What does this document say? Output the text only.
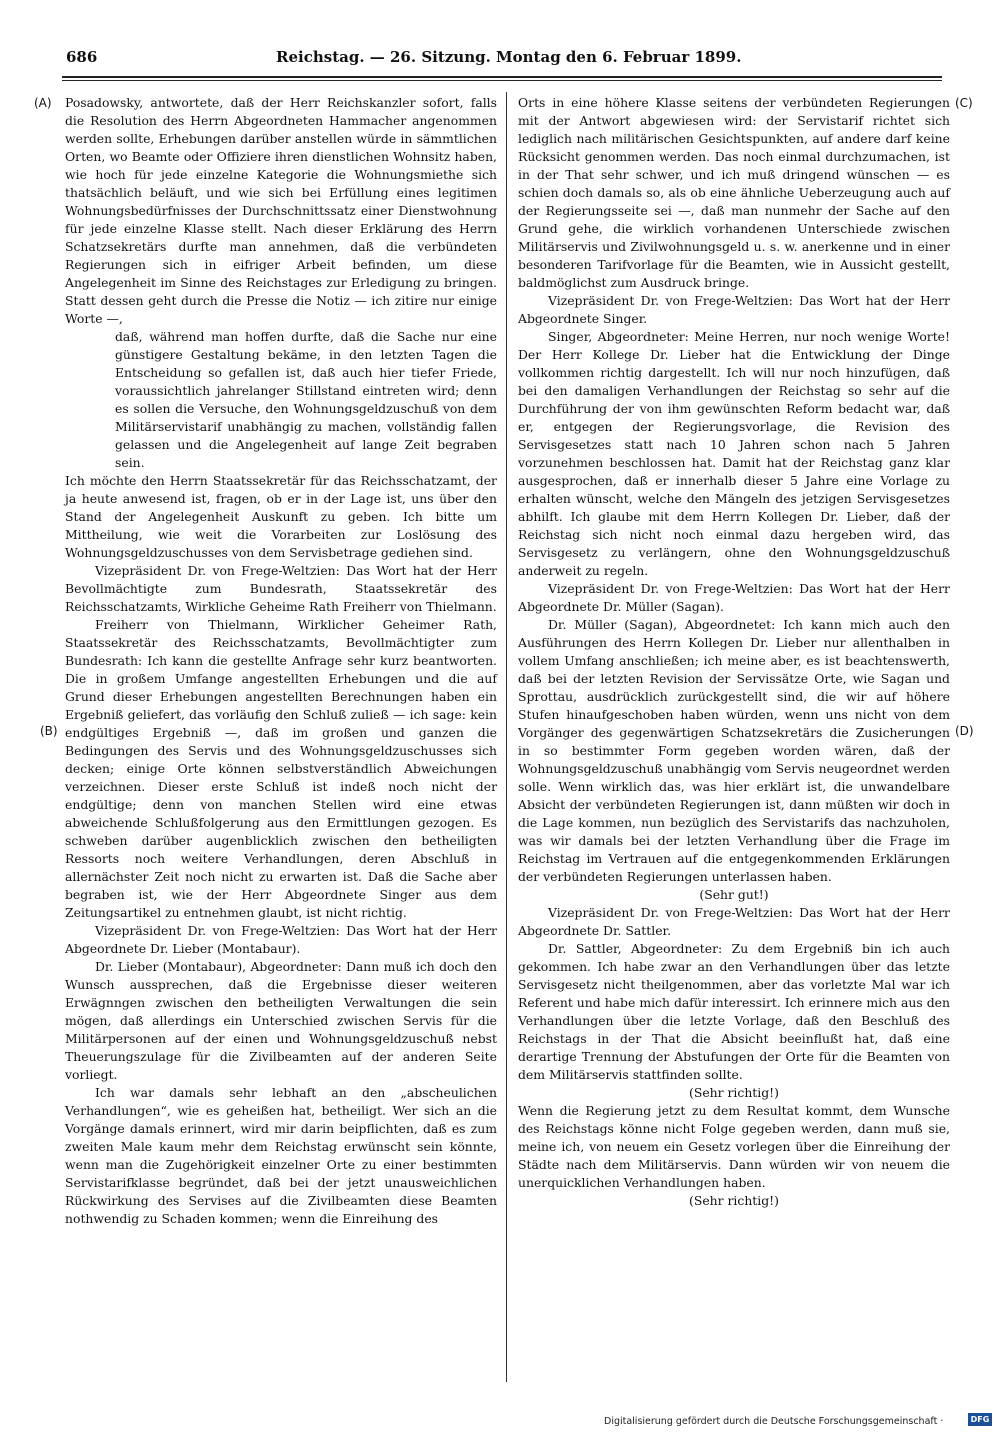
686	Reichstag. — 26. Sitzung. Montag den 6. Februar 1899.
(A)
(B)
(C)
(D)

Posadowsky, antwortete, daß der Herr Reichskanzler sofort, falls die Resolution des Herrn Abgeordneten Hammacher angenommen werden sollte, Erhebungen darüber anstellen würde in sämmtlichen Orten, wo Beamte oder Offiziere ihren dienstlichen Wohnsitz haben, wie hoch für jede einzelne Kategorie die Wohnungsmiethe sich thatsächlich beläuft, und wie sich bei Erfüllung eines legitimen Wohnungsbedürfnisses der Durchschnittssatz einer Dienstwohnung für jede einzelne Klasse stellt. Nach dieser Erklärung des Herrn Schatzsekretärs durfte man annehmen, daß die verbündeten Regierungen sich in eifriger Arbeit befinden, um diese Angelegenheit im Sinne des Reichstages zur Erledigung zu bringen. Statt dessen geht durch die Presse die Notiz — ich zitire nur einige Worte —,

daß, während man hoffen durfte, daß die Sache nur eine günstigere Gestaltung bekäme, in den letzten Tagen die Entscheidung so gefallen ist, daß auch hier tiefer Friede, voraussichtlich jahrelanger Stillstand eintreten wird; denn es sollen die Versuche, den Wohnungsgeldzuschuß von dem Militärservistarif unabhängig zu machen, vollständig fallen gelassen und die Angelegenheit auf lange Zeit begraben sein.

Ich möchte den Herrn Staatssekretär für das Reichsschatzamt, der ja heute anwesend ist, fragen, ob er in der Lage ist, uns über den Stand der Angelegenheit Auskunft zu geben. Ich bitte um Mittheilung, wie weit die Vorarbeiten zur Loslösung des Wohnungsgeldzuschusses von dem Servisbetrage gediehen sind.

Vizepräsident Dr. von Frege-Weltzien: Das Wort hat der Herr Bevollmächtigte zum Bundesrath, Staatssekretär des Reichsschatzamts, Wirkliche Geheime Rath Freiherr von Thielmann.

Freiherr von Thielmann, Wirklicher Geheimer Rath, Staatssekretär des Reichsschatzamts, Bevollmächtigter zum Bundesrath: Ich kann die gestellte Anfrage sehr kurz beantworten. Die in großem Umfange angestellten Erhebungen und die auf Grund dieser Erhebungen angestellten Berechnungen haben ein Ergebniß geliefert, das vorläufig den Schluß zuließ — ich sage: kein endgültiges Ergebniß —, daß im großen und ganzen die Bedingungen des Servis und des Wohnungsgeldzuschusses sich decken; einige Orte können selbstverständlich Abweichungen verzeichnen. Dieser erste Schluß ist indeß noch nicht der endgültige; denn von manchen Stellen wird eine etwas abweichende Schlußfolgerung aus den Ermittlungen gezogen. Es schweben darüber augenblicklich zwischen den betheiligten Ressorts noch weitere Verhandlungen, deren Abschluß in allernächster Zeit noch nicht zu erwarten ist. Daß die Sache aber begraben ist, wie der Herr Abgeordnete Singer aus dem Zeitungsartikel zu entnehmen glaubt, ist nicht richtig.

Vizepräsident Dr. von Frege-Weltzien: Das Wort hat der Herr Abgeordnete Dr. Lieber (Montabaur).

Dr. Lieber (Montabaur), Abgeordneter: Dann muß ich doch den Wunsch aussprechen, daß die Ergebnisse dieser weiteren Erwägnngen zwischen den betheiligten Verwaltungen die sein mögen, daß allerdings ein Unterschied zwischen Servis für die Militärpersonen auf der einen und Wohnungsgeldzuschuß nebst Theuerungszulage für die Zivilbeamten auf der anderen Seite vorliegt.

Ich war damals sehr lebhaft an den „abscheulichen Verhandlungen“, wie es geheißen hat, betheiligt. Wer sich an die Vorgänge damals erinnert, wird mir darin beipflichten, daß es zum zweiten Male kaum mehr dem Reichstag erwünscht sein könnte, wenn man die Zugehörigkeit einzelner Orte zu einer bestimmten Servistarifklasse begründet, daß bei der jetzt unausweichlichen Rückwirkung des Servises auf die Zivilbeamten diese Beamten nothwendig zu Schaden kommen; wenn die Einreihung des

Orts in eine höhere Klasse seitens der verbündeten Regierungen mit der Antwort abgewiesen wird: der Servistarif richtet sich lediglich nach militärischen Gesichtspunkten, auf andere darf keine Rücksicht genommen werden. Das noch einmal durchzumachen, ist in der That sehr schwer, und ich muß dringend wünschen — es schien doch damals so, als ob eine ähnliche Ueberzeugung auch auf der Regierungsseite sei —, daß man nunmehr der Sache auf den Grund gehe, die wirklich vorhandenen Unterschiede zwischen Militärservis und Zivilwohnungsgeld u. s. w. anerkenne und in einer besonderen Tarifvorlage für die Beamten, wie in Aussicht gestellt, baldmöglichst zum Ausdruck bringe.

Vizepräsident Dr. von Frege-Weltzien: Das Wort hat der Herr Abgeordnete Singer.

Singer, Abgeordneter: Meine Herren, nur noch wenige Worte! Der Herr Kollege Dr. Lieber hat die Entwicklung der Dinge vollkommen richtig dargestellt. Ich will nur noch hinzufügen, daß bei den damaligen Verhandlungen der Reichstag so sehr auf die Durchführung der von ihm gewünschten Reform bedacht war, daß er, entgegen der Regierungsvorlage, die Revision des Servisgesetzes statt nach 10 Jahren schon nach 5 Jahren vorzunehmen beschlossen hat. Damit hat der Reichstag ganz klar ausgesprochen, daß er innerhalb dieser 5 Jahre eine Vorlage zu erhalten wünscht, welche den Mängeln des jetzigen Servisgesetzes abhilft. Ich glaube mit dem Herrn Kollegen Dr. Lieber, daß der Reichstag sich nicht noch einmal dazu hergeben wird, das Servisgesetz zu verlängern, ohne den Wohnungsgeldzuschuß anderweit zu regeln.

Vizepräsident Dr. von Frege-Weltzien: Das Wort hat der Herr Abgeordnete Dr. Müller (Sagan).

Dr. Müller (Sagan), Abgeordnetet: Ich kann mich auch den Ausführungen des Herrn Kollegen Dr. Lieber nur allenthalben in vollem Umfang anschließen; ich meine aber, es ist beachtenswerth, daß bei der letzten Revision der Servissätze Orte, wie Sagan und Sprottau, ausdrücklich zurückgestellt sind, die wir auf höhere Stufen hinaufgeschoben haben würden, wenn uns nicht von dem Vorgänger des gegenwärtigen Schatzsekretärs die Zusicherungen in so bestimmter Form gegeben worden wären, daß der Wohnungsgeldzuschuß unabhängig vom Servis neugeordnet werden solle. Wenn wirklich das, was hier erklärt ist, die unwandelbare Absicht der verbündeten Regierungen ist, dann müßten wir doch in die Lage kommen, nun bezüglich des Servistarifs das nachzuholen, was wir damals bei der letzten Verhandlung über die Frage im Reichstag im Vertrauen auf die entgegenkommenden Erklärungen der verbündeten Regierungen unterlassen haben.

(Sehr gut!)

Vizepräsident Dr. von Frege-Weltzien: Das Wort hat der Herr Abgeordnete Dr. Sattler.

Dr. Sattler, Abgeordneter: Zu dem Ergebniß bin ich auch gekommen. Ich habe zwar an den Verhandlungen über das letzte Servisgesetz nicht theilgenommen, aber das vorletzte Mal war ich Referent und habe mich dafür interessirt. Ich erinnere mich aus den Verhandlungen über die letzte Vorlage, daß den Beschluß des Reichstags in der That die Absicht beeinflußt hat, daß eine derartige Trennung der Abstufungen der Orte für die Beamten von dem Militärservis stattfinden sollte.

(Sehr richtig!)

Wenn die Regierung jetzt zu dem Resultat kommt, dem Wunsche des Reichstags könne nicht Folge gegeben werden, dann muß sie, meine ich, von neuem ein Gesetz vorlegen über die Einreihung der Städte nach dem Militärservis. Dann würden wir von neuem die unerquicklichen Verhandlungen haben.

(Sehr richtig!)

Digitalisierung gefördert durch die Deutsche Forschungsgemeinschaft ·	DFG
